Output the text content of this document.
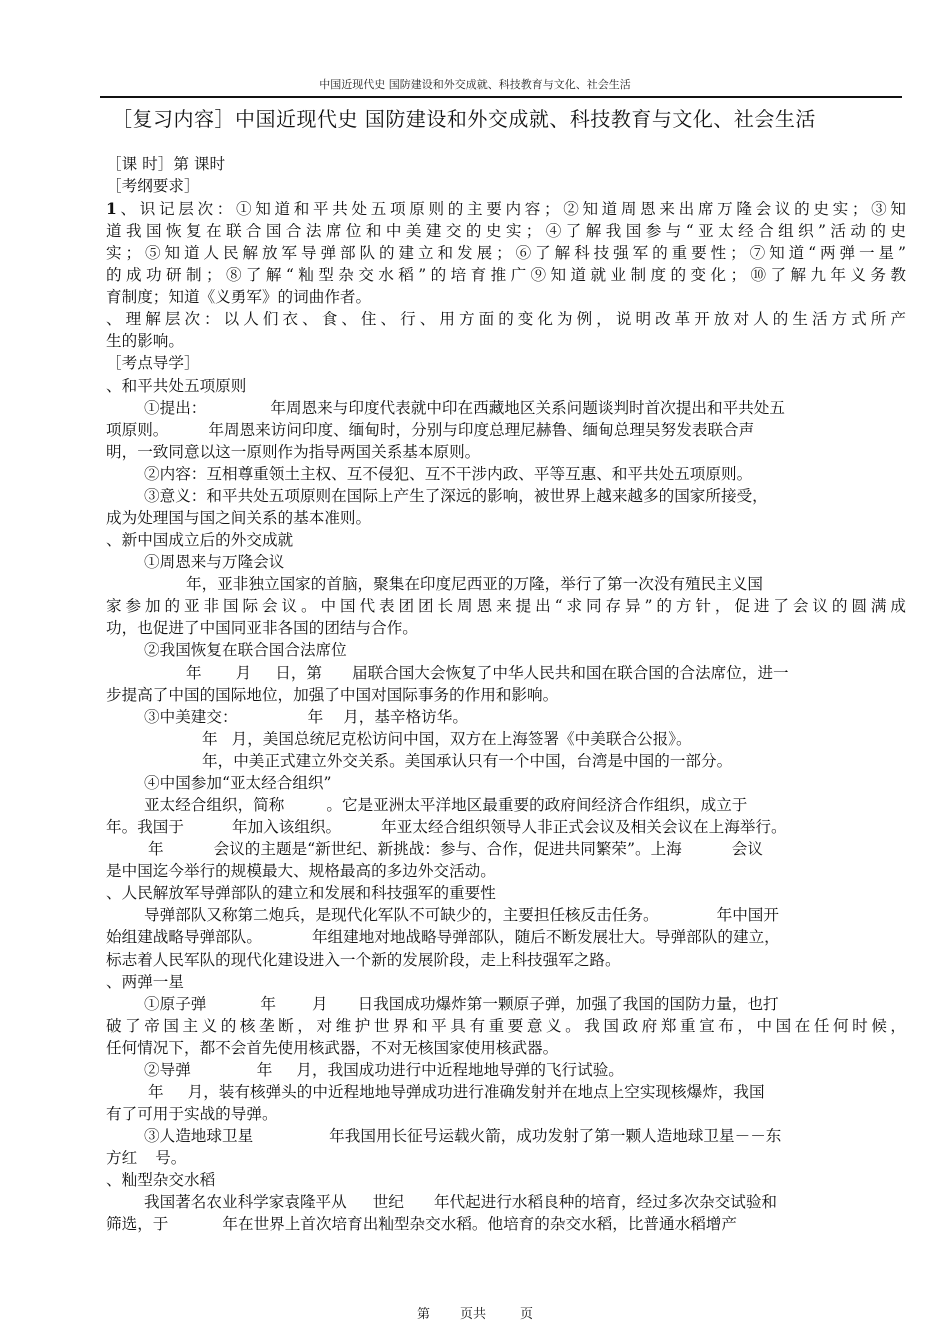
中国近现代史 国防建设和外交成就、科技教育与文化、社会生活
［复习内容］中国近现代史 国防建设和外交成就、科技教育与文化、社会生活
［课 时］第 课时
［考纲要求］
1、识记层次：①知道和平共处五项原则的主要内容；②知道周恩来出席万隆会议的史实；③知
道我国恢复在联合国合法席位和中美建交的史实；④了解我国参与“亚太经合组织”活动的史
实；⑤知道人民解放军导弹部队的建立和发展；⑥了解科技强军的重要性；⑦知道“两弹一星”
的成功研制；⑧了解“籼型杂交水稻”的培育推广⑨知道就业制度的变化；⑩了解九年义务教
育制度；知道《义勇军》的词曲作者。
、理解层次：以人们衣、食、住、行、用方面的变化为例，说明改革开放对人的生活方式所产
生的影响。
［考点导学］
、和平共处五项原则
①提出：	年周恩来与印度代表就中印在西藏地区关系问题谈判时首次提出和平共处五
项原则。	年周恩来访问印度、缅甸时，分别与印度总理尼赫鲁、缅甸总理吴努发表联合声
明，一致同意以这一原则作为指导两国关系基本原则。
②内容：互相尊重领土主权、互不侵犯、互不干涉内政、平等互惠、和平共处五项原则。
③意义：和平共处五项原则在国际上产生了深远的影响，被世界上越来越多的国家所接受，
成为处理国与国之间关系的基本准则。
、新中国成立后的外交成就
①周恩来与万隆会议
年，亚非独立国家的首脑，聚集在印度尼西亚的万隆，举行了第一次没有殖民主义国
家参加的亚非国际会议。中国代表团团长周恩来提出“求同存异”的方针，促进了会议的圆满成
功，也促进了中国同亚非各国的团结与合作。
②我国恢复在联合国合法席位
年 月 日，第 届联合国大会恢复了中华人民共和国在联合国的合法席位，进一
步提高了中国的国际地位，加强了中国对国际事务的作用和影响。
③中美建交：	年 月，基辛格访华。
年 月，美国总统尼克松访问中国，双方在上海签署《中美联合公报》。
年，中美正式建立外交关系。美国承认只有一个中国，台湾是中国的一部分。
④中国参加“亚太经合组织”
亚太经合组织，简称	。它是亚洲太平洋地区最重要的政府间经济合作组织，成立于
年。我国于	年加入该组织。	年亚太经合组织领导人非正式会议及相关会议在上海举行。
年	会议的主题是“新世纪、新挑战：参与、合作，促进共同繁荣”。上海	会议
是中国迄今举行的规模最大、规格最高的多边外交活动。
、人民解放军导弹部队的建立和发展和科技强军的重要性
导弹部队又称第二炮兵，是现代化军队不可缺少的，主要担任核反击任务。	年中国开
始组建战略导弹部队。	年组建地对地战略导弹部队，随后不断发展壮大。导弹部队的建立，
标志着人民军队的现代化建设进入一个新的发展阶段，走上科技强军之路。
、两弹一星
①原子弹	年 月 日我国成功爆炸第一颗原子弹，加强了我国的国防力量，也打
破了帝国主义的核垄断，对维护世界和平具有重要意义。我国政府郑重宣布，中国在任何时候，
任何情况下，都不会首先使用核武器，不对无核国家使用核武器。
②导弹	年 月，我国成功进行中近程地地导弹的飞行试验。
年 月，装有核弹头的中近程地地导弹成功进行准确发射并在地点上空实现核爆炸，我国
有了可用于实战的导弹。
③人造地球卫星	年我国用长征号运载火箭，成功发射了第一颗人造地球卫星－－东
方红 号。
、籼型杂交水稻
我国著名农业科学家袁隆平从 世纪 年代起进行水稻良种的培育，经过多次杂交试验和
筛选，于	年在世界上首次培育出籼型杂交水稻。他培育的杂交水稻，比普通水稻增产
第 页共	页
